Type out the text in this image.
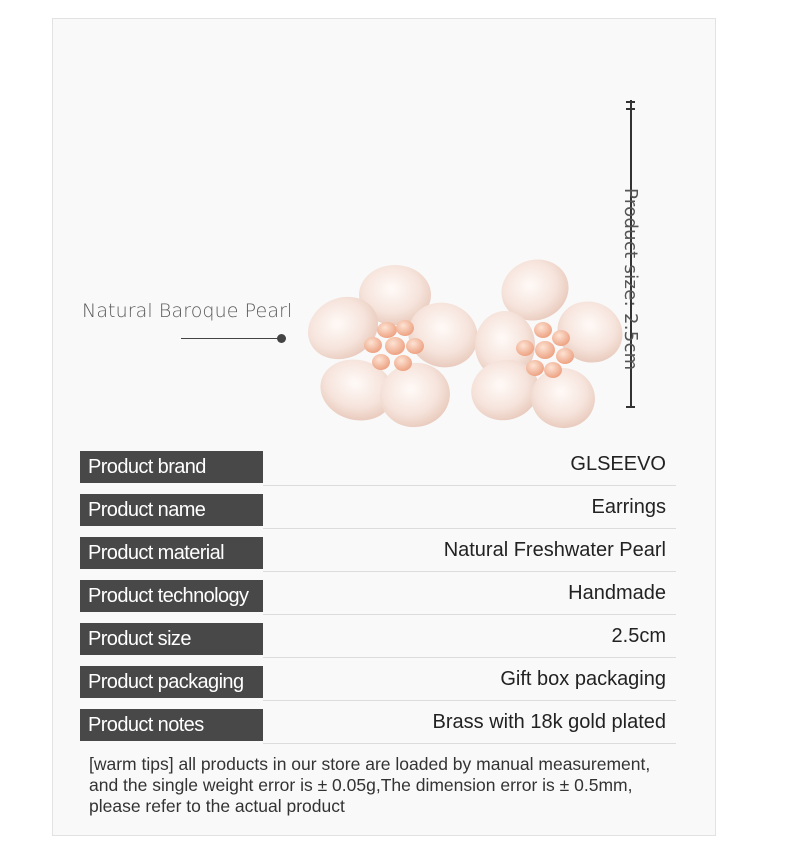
Natural Baroque Pearl	Product size: 2.5cm
Product brand	GLSEEVO
Product name	Earrings
Product material	Natural Freshwater Pearl
Product technology	Handmade
Product size	2.5cm
Product packaging	Gift box packaging
Product notes	Brass with 18k gold plated
[warm tips] all products in our store are loaded by manual measurement,
and the single weight error is ± 0.05g,The dimension error is ± 0.5mm,
please refer to the actual product
